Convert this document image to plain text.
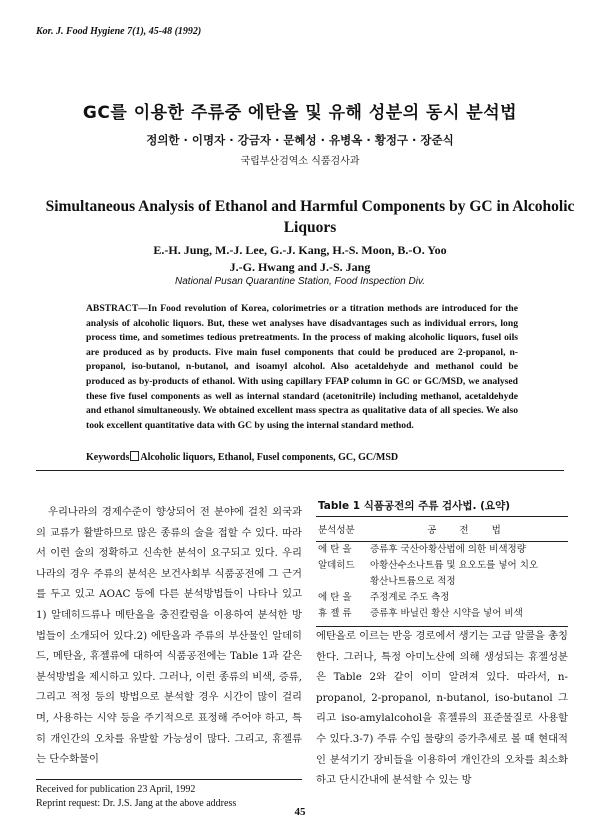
Kor. J. Food Hygiene 7(1), 45-48 (1992)
GC를 이용한 주류중 에탄올 및 유해 성분의 동시 분석법
정의한 · 이명자 · 강금자 · 문혜성 · 유병옥 · 황정구 · 장준식
국립부산검역소 식품검사과
Simultaneous Analysis of Ethanol and Harmful Components by GC in Alcoholic Liquors
E.-H. Jung, M.-J. Lee, G.-J. Kang, H.-S. Moon, B.-O. Yoo
J.-G. Hwang and J.-S. Jang
National Pusan Quarantine Station, Food Inspection Div.
ABSTRACT—In Food revolution of Korea, colorimetries or a titration methods are introduced for the analysis of alcoholic liquors. But, these wet analyses have disadvantages such as individual errors, long process time, and sometimes tedious pretreatments. In the process of making alcoholic liquors, fusel oils are produced as by products. Five main fusel components that could be produced are 2-propanol, n-propanol, iso-butanol, n-butanol, and isoamyl alcohol. Also acetaldehyde and methanol could be produced as by-products of ethanol. With using capillary FFAP column in GC or GC/MSD, we analysed these five fusel components as well as internal standard (acetonitrile) including methanol, acetaldehyde and ethanol simultaneously. We obtained excellent mass spectra as qualitative data of all species. We also took excellent quantitative data with GC by using the internal standard method.
Keywords Alcoholic liquors, Ethanol, Fusel components, GC, GC/MSD

우리나라의 경제수준이 향상되어 전 분야에 걸친 외국과의 교류가 활발하므로 많은 종류의 술을 접할 수 있다. 따라서 이런 술의 정확하고 신속한 분석이 요구되고 있다. 우리나라의 경우 주류의 분석은 보건사회부 식품공전에 그 근거를 두고 있고 AOAC 등에 다른 분석방법들이 나타나 있고1) 알데히드류나 메탄올을 충진칼럼을 이용하여 분석한 방법들이 소개되어 있다.2) 에탄올과 주류의 부산물인 알데히드, 메탄올, 휴젤류에 대하여 식품공전에는 Table 1과 같은 분석방법을 제시하고 있다. 그러나, 이런 종류의 비색, 증류, 그리고 적정 등의 방법으로 분석할 경우 시간이 많이 걸리며, 사용하는 시약 등을 주기적으로 표정해 주어야 하고, 특히 개인간의 오차를 유발할 가능성이 많다. 그리고, 휴젤류는 단수화물이

Received for publication 23 April, 1992
Reprint request: Dr. J.S. Jang at the above address
Table 1 식품공전의 주류 검사법. (요약)
분석성분	공 전 법
에 탄 올	증류후 국산아황산법에 의한 비색정량
알데히드	아황산수소나트륨 및 요오도를 넣어 치오
황산나트륨으로 적정
에 탄 올	주정계로 주도 측정
휴 젤 류	증류후 바닐린 황산 시약을 넣어 비색

에탄올로 이르는 반응 경로에서 생기는 고급 알콜을 총칭한다. 그러나, 특정 아미노산에 의해 생성되는 휴젤성분은 Table 2와 같이 이미 알려져 있다. 따라서, n-propanol, 2-propanol, n-butanol, iso-butanol 그리고 iso-amylalcohol을 휴젤류의 표준물질로 사용할 수 있다.3-7) 주류 수입 물량의 증가추세로 볼 때 현대적인 분석기기 장비들을 이용하여 개인간의 오차를 최소화하고 단시간내에 분석할 수 있는 방

45
